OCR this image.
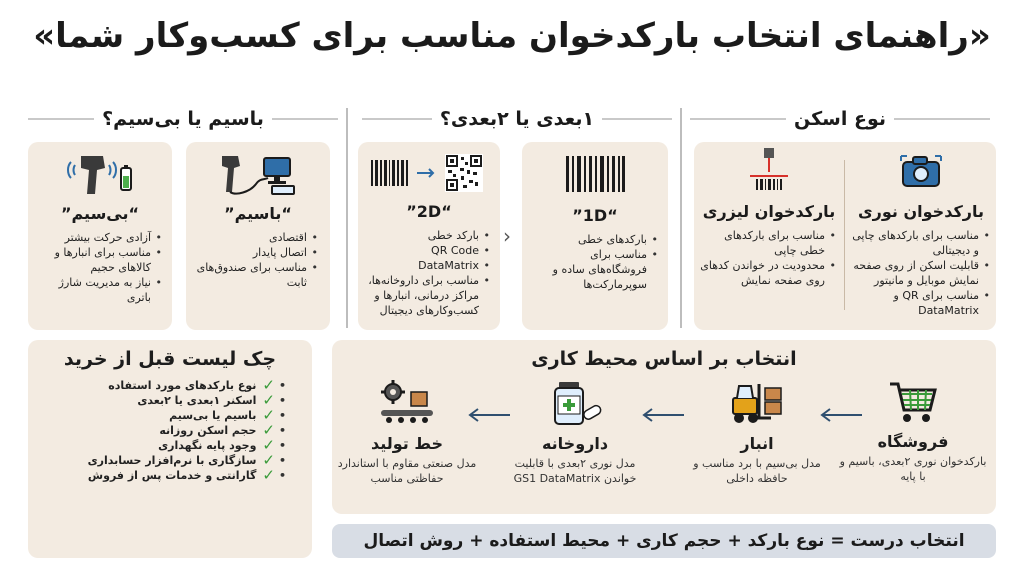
«راهنمای انتخاب بارکدخوان مناسب برای کسب‌وکار شما»
نوع اسکن
۱بعدی یا ۲بعدی؟
باسیم یا بی‌سیم؟
بارکدخوان نوری
• مناسب برای بارکدهای چاپی و دیجیتالی
• قابلیت اسکن از روی صفحه نمایش موبایل و مانیتور
• مناسب برای QR و DataMatrix
بارکدخوان لیزری
• مناسب برای بارکدهای خطی چاپی
• محدودیت در خواندن کدهای روی صفحه نمایش
“1D”
• بارکدهای خطی
• مناسب برای فروشگاه‌های ساده و سوپرمارکت‌ها
‹
“2D”
• بارکد خطی
• QR Code
• DataMatrix
• مناسب برای داروخانه‌ها، مراکز درمانی، انبارها و کسب‌وکارهای دیجیتال
“باسیم”
• اقتصادی
• اتصال پایدار
• مناسب برای صندوق‌های ثابت
“بی‌سیم”
• آزادی حرکت بیشتر
• مناسب برای انبارها و کالاهای حجیم
• نیاز به مدیریت شارژ باتری
چک لیست قبل از خرید
• ✓
نوع بارکدهای مورد استفاده
• ✓
اسکنر ۱بعدی یا ۲بعدی
• ✓
باسیم یا بی‌سیم
• ✓
حجم اسکن روزانه
• ✓
وجود پایه نگهداری
• ✓
سازگاری با نرم‌افزار حسابداری
• ✓
گارانتی و خدمات پس از فروش
انتخاب بر اساس محیط کاری
فروشگاه
بارکدخوان نوری ۲بعدی، باسیم و با پایه
انبار
مدل بی‌سیم با برد مناسب و حافظه داخلی
داروخانه
مدل نوری ۲بعدی با قابلیت خواندن GS1 DataMatrix
خط تولید
مدل صنعتی مقاوم با استاندارد حفاظتی مناسب
انتخاب درست = نوع بارکد + حجم کاری + محیط استفاده + روش اتصال
